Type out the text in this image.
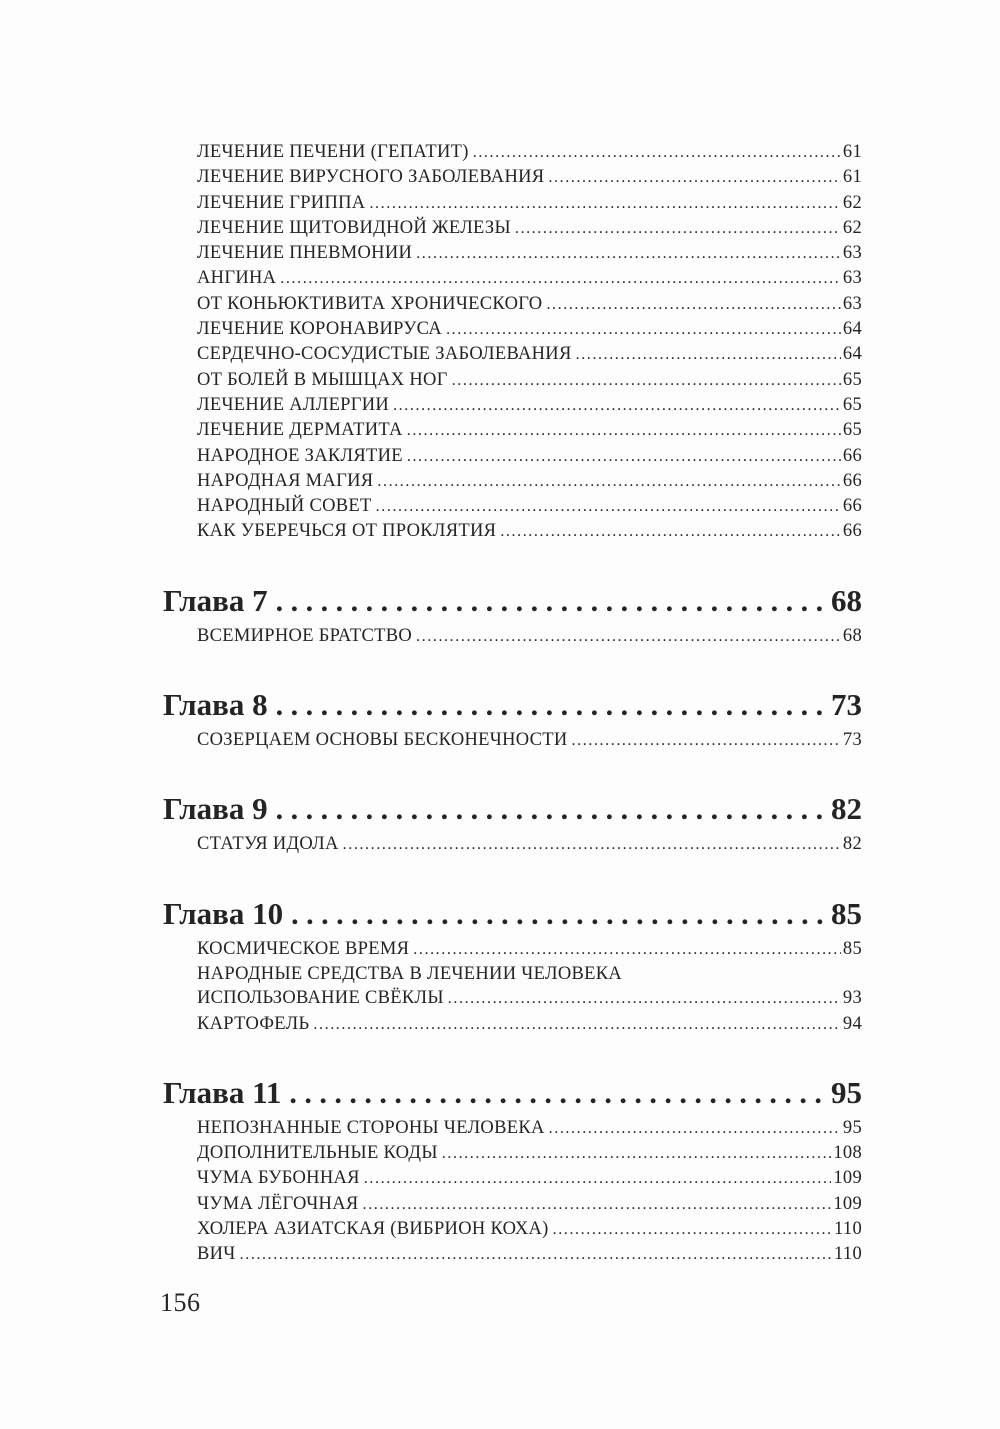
ЛЕЧЕНИЕ ПЕЧЕНИ (ГЕПАТИТ) .....	61
ЛЕЧЕНИЕ ВИРУСНОГО ЗАБОЛЕВАНИЯ .....	61
ЛЕЧЕНИЕ ГРИППА .....	62
ЛЕЧЕНИЕ ЩИТОВИДНОЙ ЖЕЛЕЗЫ .....	62
ЛЕЧЕНИЕ ПНЕВМОНИИ .....	63
АНГИНА .....	63
ОТ КОНЬЮКТИВИТА ХРОНИЧЕСКОГО .....	63
ЛЕЧЕНИЕ КОРОНАВИРУСА .....	64
СЕРДЕЧНО-СОСУДИСТЫЕ ЗАБОЛЕВАНИЯ .....	64
ОТ БОЛЕЙ В МЫШЦАХ НОГ .....	65
ЛЕЧЕНИЕ АЛЛЕРГИИ .....	65
ЛЕЧЕНИЕ ДЕРМАТИТА .....	65
НАРОДНОЕ ЗАКЛЯТИЕ .....	66
НАРОДНАЯ МАГИЯ .....	66
НАРОДНЫЙ СОВЕТ .....	66
КАК УБЕРЕЧЬСЯ ОТ ПРОКЛЯТИЯ .....	66
Глава 7 .....	68
ВСЕМИРНОЕ БРАТСТВО .....	68
Глава 8 .....	73
СОЗЕРЦАЕМ ОСНОВЫ БЕСКОНЕЧНОСТИ .....	73
Глава 9 .....	82
СТАТУЯ ИДОЛА .....	82
Глава 10 .....	85
КОСМИЧЕСКОЕ ВРЕМЯ .....	85
НАРОДНЫЕ СРЕДСТВА В ЛЕЧЕНИИ ЧЕЛОВЕКА
ИСПОЛЬЗОВАНИЕ СВЁКЛЫ .....	93
КАРТОФЕЛЬ .....	94
Глава 11 .....	95
НЕПОЗНАННЫЕ СТОРОНЫ ЧЕЛОВЕКА .....	95
ДОПОЛНИТЕЛЬНЫЕ КОДЫ .....	108
ЧУМА БУБОННАЯ .....	109
ЧУМА ЛЁГОЧНАЯ .....	109
ХОЛЕРА АЗИАТСКАЯ (ВИБРИОН КОХА) .....	110
ВИЧ .....	110
156
